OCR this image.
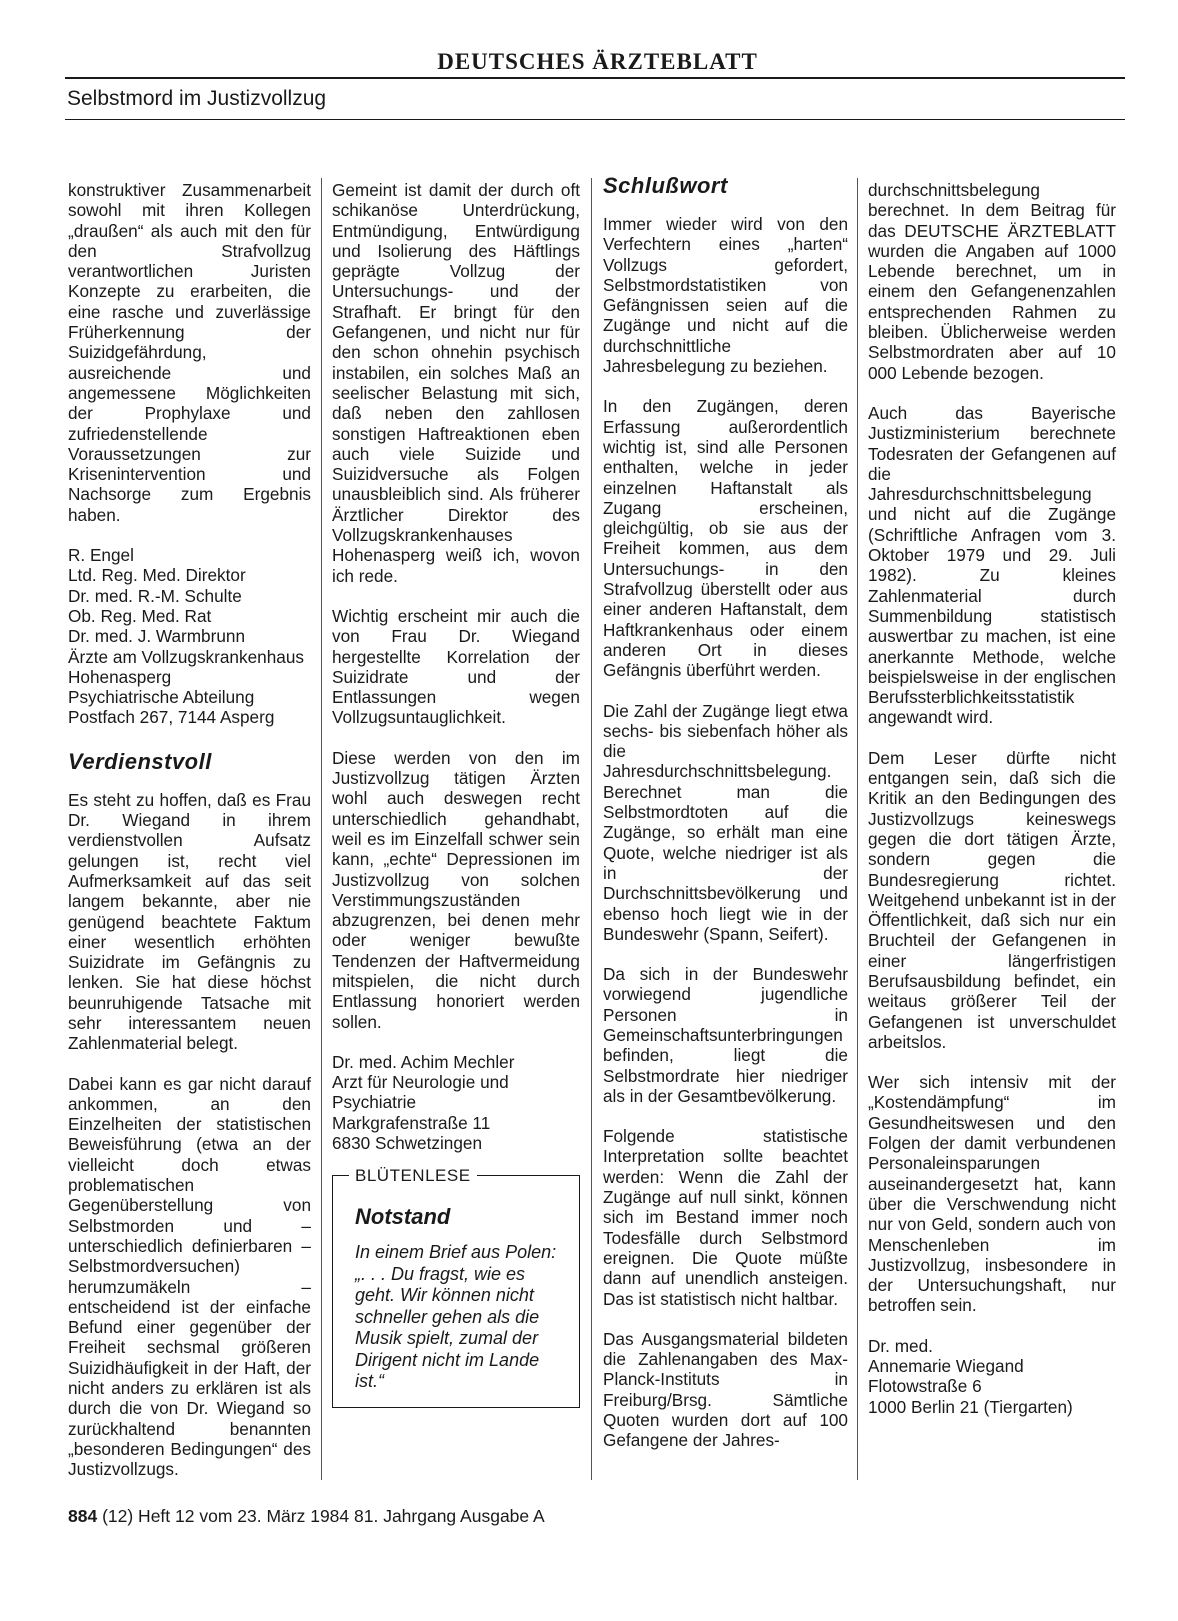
DEUTSCHES ÄRZTEBLATT
Selbstmord im Justizvollzug

konstruktiver Zusammenarbeit sowohl mit ihren Kollegen „draußen“ als auch mit den für den Strafvollzug verantwortlichen Juristen Konzepte zu erarbeiten, die eine rasche und zuverlässige Früherkennung der Suizidgefährdung, ausreichende und angemessene Möglichkeiten der Prophylaxe und zufriedenstellende Voraussetzungen zur Krisenintervention und Nachsorge zum Ergebnis haben.

R. Engel
Ltd. Reg. Med. Direktor
Dr. med. R.-M. Schulte
Ob. Reg. Med. Rat
Dr. med. J. Warmbrunn
Ärzte am Vollzugskrankenhaus Hohenasperg
Psychiatrische Abteilung
Postfach 267, 7144 Asperg

Verdienstvoll

Es steht zu hoffen, daß es Frau Dr. Wiegand in ihrem verdienstvollen Aufsatz gelungen ist, recht viel Aufmerksamkeit auf das seit langem bekannte, aber nie genügend beachtete Faktum einer wesentlich erhöhten Suizidrate im Gefängnis zu lenken. Sie hat diese höchst beunruhigende Tatsache mit sehr interessantem neuen Zahlenmaterial belegt.

Dabei kann es gar nicht darauf ankommen, an den Einzelheiten der statistischen Beweisführung (etwa an der vielleicht doch etwas problematischen Gegenüberstellung von Selbstmorden und – unterschiedlich definierbaren – Selbstmordversuchen) herumzumäkeln – entscheidend ist der einfache Befund einer gegenüber der Freiheit sechsmal größeren Suizidhäufigkeit in der Haft, der nicht anders zu erklären ist als durch die von Dr. Wiegand so zurückhaltend benannten „besonderen Bedingungen“ des Justizvollzugs.

Gemeint ist damit der durch oft schikanöse Unterdrückung, Entmündigung, Entwürdigung und Isolierung des Häftlings geprägte Vollzug der Untersuchungs- und der Strafhaft. Er bringt für den Gefangenen, und nicht nur für den schon ohnehin psychisch instabilen, ein solches Maß an seelischer Belastung mit sich, daß neben den zahllosen sonstigen Haftreaktionen eben auch viele Suizide und Suizidversuche als Folgen unausbleiblich sind. Als früherer Ärztlicher Direktor des Vollzugskrankenhauses Hohenasperg weiß ich, wovon ich rede.

Wichtig erscheint mir auch die von Frau Dr. Wiegand hergestellte Korrelation der Suizidrate und der Entlassungen wegen Vollzugsuntauglichkeit.

Diese werden von den im Justizvollzug tätigen Ärzten wohl auch deswegen recht unterschiedlich gehandhabt, weil es im Einzelfall schwer sein kann, „echte“ Depressionen im Justizvollzug von solchen Verstimmungszuständen abzugrenzen, bei denen mehr oder weniger bewußte Tendenzen der Haftvermeidung mitspielen, die nicht durch Entlassung honoriert werden sollen.

Dr. med. Achim Mechler
Arzt für Neurologie und Psychiatrie
Markgrafenstraße 11
6830 Schwetzingen

BLÜTENLESE
Notstand

In einem Brief aus Polen: „. . . Du fragst, wie es geht. Wir können nicht schneller gehen als die Musik spielt, zumal der Dirigent nicht im Lande ist.“

Schlußwort

Immer wieder wird von den Verfechtern eines „harten“ Vollzugs gefordert, Selbstmordstatistiken von Gefängnissen seien auf die Zugänge und nicht auf die durchschnittliche Jahresbelegung zu beziehen.

In den Zugängen, deren Erfassung außerordentlich wichtig ist, sind alle Personen enthalten, welche in jeder einzelnen Haftanstalt als Zugang erscheinen, gleichgültig, ob sie aus der Freiheit kommen, aus dem Untersuchungs- in den Strafvollzug überstellt oder aus einer anderen Haftanstalt, dem Haftkrankenhaus oder einem anderen Ort in dieses Gefängnis überführt werden.

Die Zahl der Zugänge liegt etwa sechs- bis siebenfach höher als die Jahresdurchschnittsbelegung. Berechnet man die Selbstmordtoten auf die Zugänge, so erhält man eine Quote, welche niedriger ist als in der Durchschnittsbevölkerung und ebenso hoch liegt wie in der Bundeswehr (Spann, Seifert).

Da sich in der Bundeswehr vorwiegend jugendliche Personen in Gemeinschaftsunterbringungen befinden, liegt die Selbstmordrate hier niedriger als in der Gesamtbevölkerung.

Folgende statistische Interpretation sollte beachtet werden: Wenn die Zahl der Zugänge auf null sinkt, können sich im Bestand immer noch Todesfälle durch Selbstmord ereignen. Die Quote müßte dann auf unendlich ansteigen. Das ist statistisch nicht haltbar.

Das Ausgangsmaterial bildeten die Zahlenangaben des Max-Planck-Instituts in Freiburg/Brsg. Sämtliche Quoten wurden dort auf 100 Gefangene der Jahres-

durchschnittsbelegung berechnet. In dem Beitrag für das DEUTSCHE ÄRZTEBLATT wurden die Angaben auf 1000 Lebende berechnet, um in einem den Gefangenenzahlen entsprechenden Rahmen zu bleiben. Üblicherweise werden Selbstmordraten aber auf 10 000 Lebende bezogen.

Auch das Bayerische Justizministerium berechnete Todesraten der Gefangenen auf die Jahresdurchschnittsbelegung und nicht auf die Zugänge (Schriftliche Anfragen vom 3. Oktober 1979 und 29. Juli 1982). Zu kleines Zahlenmaterial durch Summenbildung statistisch auswertbar zu machen, ist eine anerkannte Methode, welche beispielsweise in der englischen Berufssterblichkeitsstatistik angewandt wird.

Dem Leser dürfte nicht entgangen sein, daß sich die Kritik an den Bedingungen des Justizvollzugs keineswegs gegen die dort tätigen Ärzte, sondern gegen die Bundesregierung richtet. Weitgehend unbekannt ist in der Öffentlichkeit, daß sich nur ein Bruchteil der Gefangenen in einer längerfristigen Berufsausbildung befindet, ein weitaus größerer Teil der Gefangenen ist unverschuldet arbeitslos.

Wer sich intensiv mit der „Kostendämpfung“ im Gesundheitswesen und den Folgen der damit verbundenen Personaleinsparungen auseinandergesetzt hat, kann über die Verschwendung nicht nur von Geld, sondern auch von Menschenleben im Justizvollzug, insbesondere in der Untersuchungshaft, nur betroffen sein.

Dr. med.
Annemarie Wiegand
Flotowstraße 6
1000 Berlin 21 (Tiergarten)

884 (12) Heft 12 vom 23. März 1984 81. Jahrgang Ausgabe A
